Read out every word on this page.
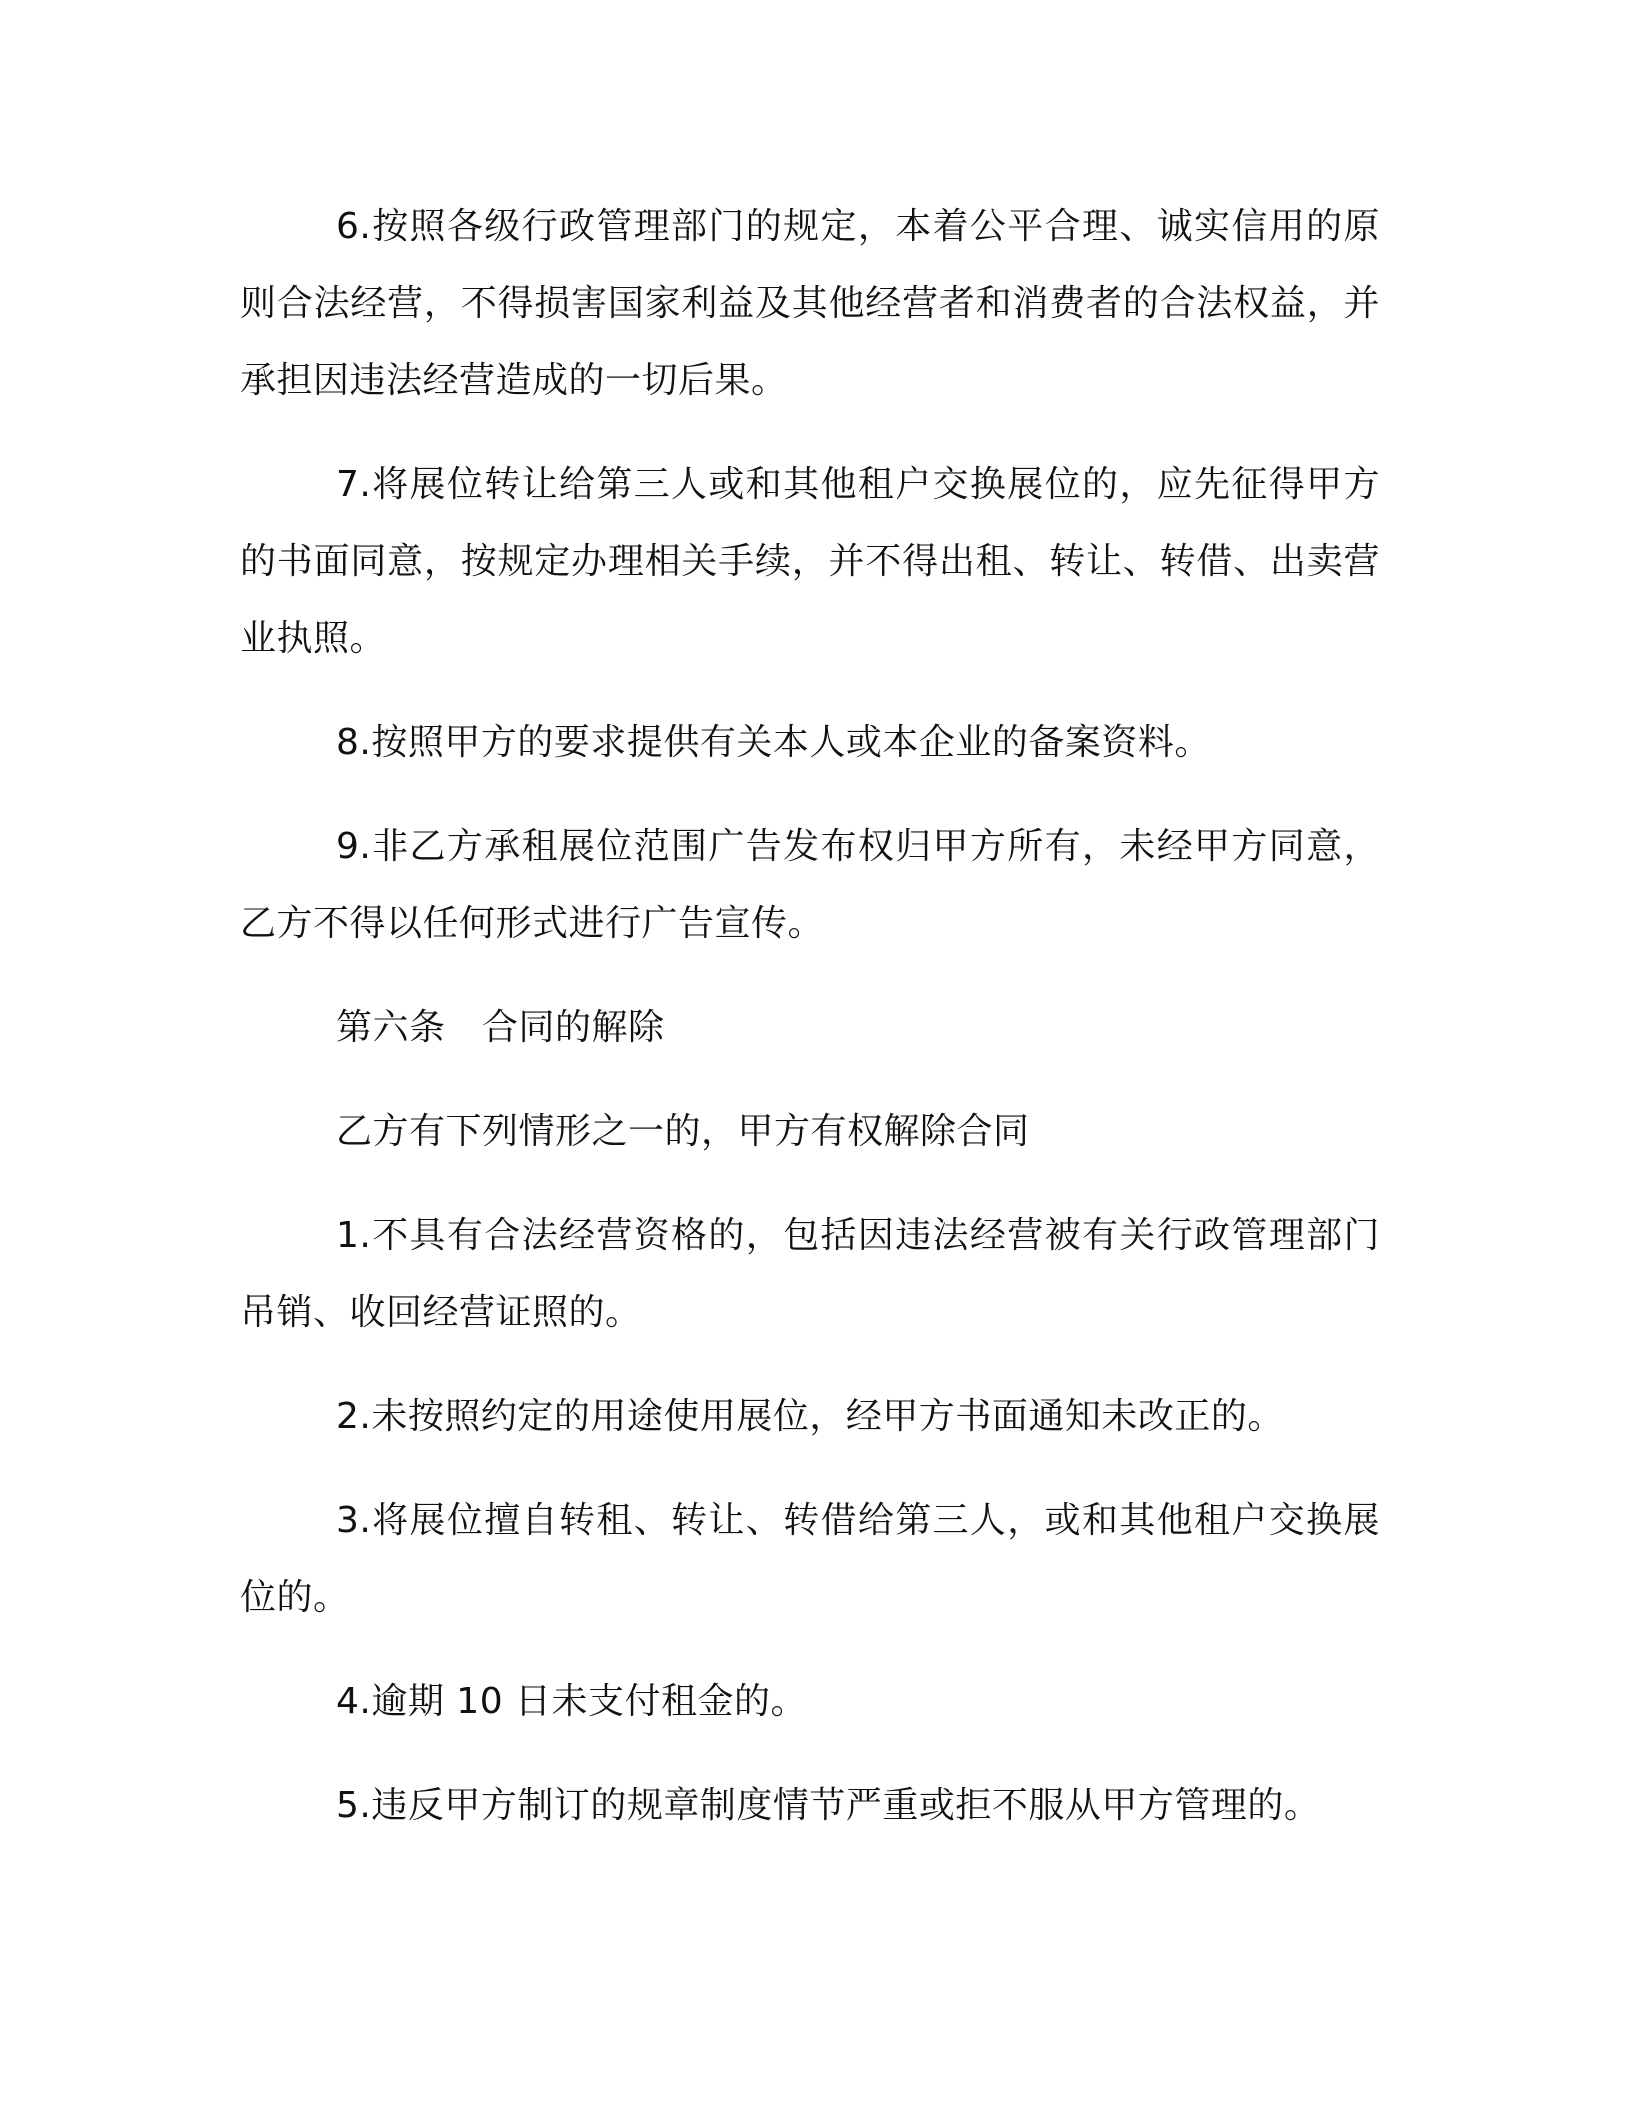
6.按照各级行政管理部门的规定，本着公平合理、诚实信用的原则合法经营，不得损害国家利益及其他经营者和消费者的合法权益，并承担因违法经营造成的一切后果。

7.将展位转让给第三人或和其他租户交换展位的，应先征得甲方的书面同意，按规定办理相关手续，并不得出租、转让、转借、出卖营业执照。

8.按照甲方的要求提供有关本人或本企业的备案资料。

9.非乙方承租展位范围广告发布权归甲方所有，未经甲方同意，乙方不得以任何形式进行广告宣传。

第六条　合同的解除

乙方有下列情形之一的，甲方有权解除合同

1.不具有合法经营资格的，包括因违法经营被有关行政管理部门吊销、收回经营证照的。

2.未按照约定的用途使用展位，经甲方书面通知未改正的。

3.将展位擅自转租、转让、转借给第三人，或和其他租户交换展位的。

4.逾期 10 日未支付租金的。

5.违反甲方制订的规章制度情节严重或拒不服从甲方管理的。
